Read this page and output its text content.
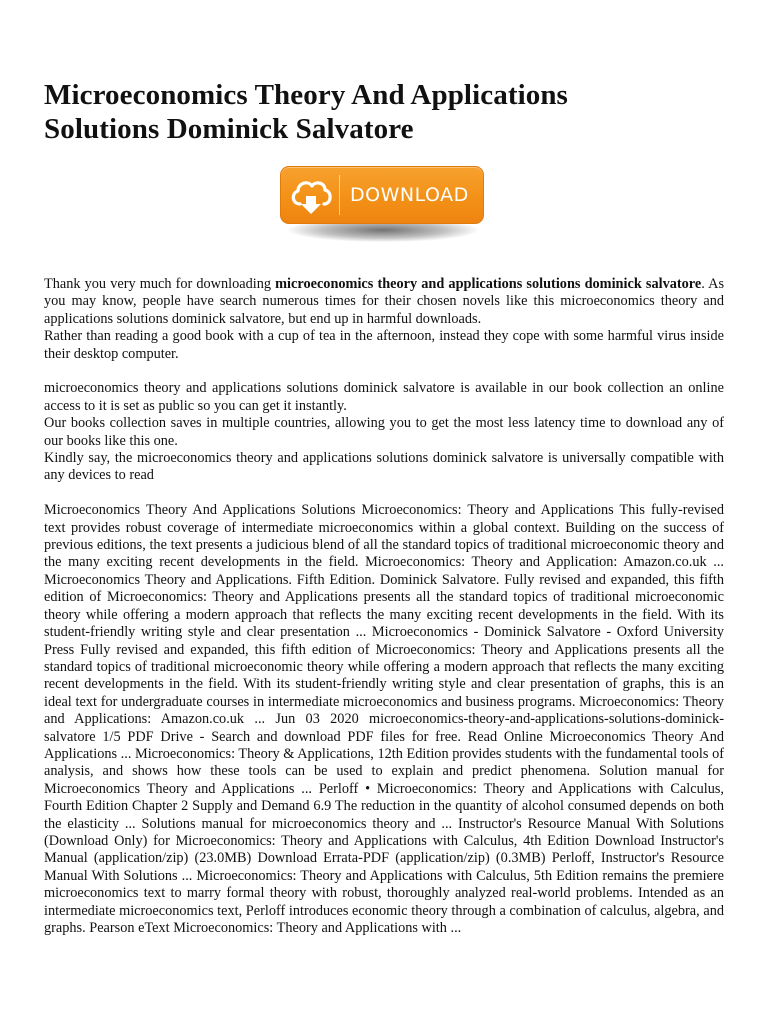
Microeconomics Theory And Applications
Solutions Dominick Salvatore
DOWNLOAD

Thank you very much for downloading microeconomics theory and applications solutions dominick salvatore. As you may know, people have search numerous times for their chosen novels like this microeconomics theory and applications solutions dominick salvatore, but end up in harmful downloads.

Rather than reading a good book with a cup of tea in the afternoon, instead they cope with some harmful virus inside their desktop computer.

microeconomics theory and applications solutions dominick salvatore is available in our book collection an online access to it is set as public so you can get it instantly.

Our books collection saves in multiple countries, allowing you to get the most less latency time to download any of our books like this one.

Kindly say, the microeconomics theory and applications solutions dominick salvatore is universally compatible with any devices to read

Microeconomics Theory And Applications Solutions Microeconomics: Theory and Applications This fully-revised text provides robust coverage of intermediate microeconomics within a global context. Building on the success of previous editions, the text presents a judicious blend of all the standard topics of traditional microeconomic theory and the many exciting recent developments in the field. Microeconomics: Theory and Application: Amazon.co.uk ... Microeconomics Theory and Applications. Fifth Edition. Dominick Salvatore. Fully revised and expanded, this fifth edition of Microeconomics: Theory and Applications presents all the standard topics of traditional microeconomic theory while offering a modern approach that reflects the many exciting recent developments in the field. With its student-friendly writing style and clear presentation ... Microeconomics - Dominick Salvatore - Oxford University Press Fully revised and expanded, this fifth edition of Microeconomics: Theory and Applications presents all the standard topics of traditional microeconomic theory while offering a modern approach that reflects the many exciting recent developments in the field. With its student-friendly writing style and clear presentation of graphs, this is an ideal text for undergraduate courses in intermediate microeconomics and business programs. Microeconomics: Theory and Applications: Amazon.co.uk ... Jun 03 2020 microeconomics-theory-and-applications-solutions-dominick-salvatore 1/5 PDF Drive - Search and download PDF files for free. Read Online Microeconomics Theory And Applications ... Microeconomics: Theory & Applications, 12th Edition provides students with the fundamental tools of analysis, and shows how these tools can be used to explain and predict phenomena. Solution manual for Microeconomics Theory and Applications ... Perloff • Microeconomics: Theory and Applications with Calculus, Fourth Edition Chapter 2 Supply and Demand 6.9 The reduction in the quantity of alcohol consumed depends on both the elasticity ... Solutions manual for microeconomics theory and ... Instructor's Resource Manual With Solutions (Download Only) for Microeconomics: Theory and Applications with Calculus, 4th Edition Download Instructor's Manual (application/zip) (23.0MB) Download Errata-PDF (application/zip) (0.3MB) Perloff, Instructor's Resource Manual With Solutions ... Microeconomics: Theory and Applications with Calculus, 5th Edition remains the premiere microeconomics text to marry formal theory with robust, thoroughly analyzed real-world problems. Intended as an intermediate microeconomics text, Perloff introduces economic theory through a combination of calculus, algebra, and graphs. Pearson eText Microeconomics: Theory and Applications with ...
